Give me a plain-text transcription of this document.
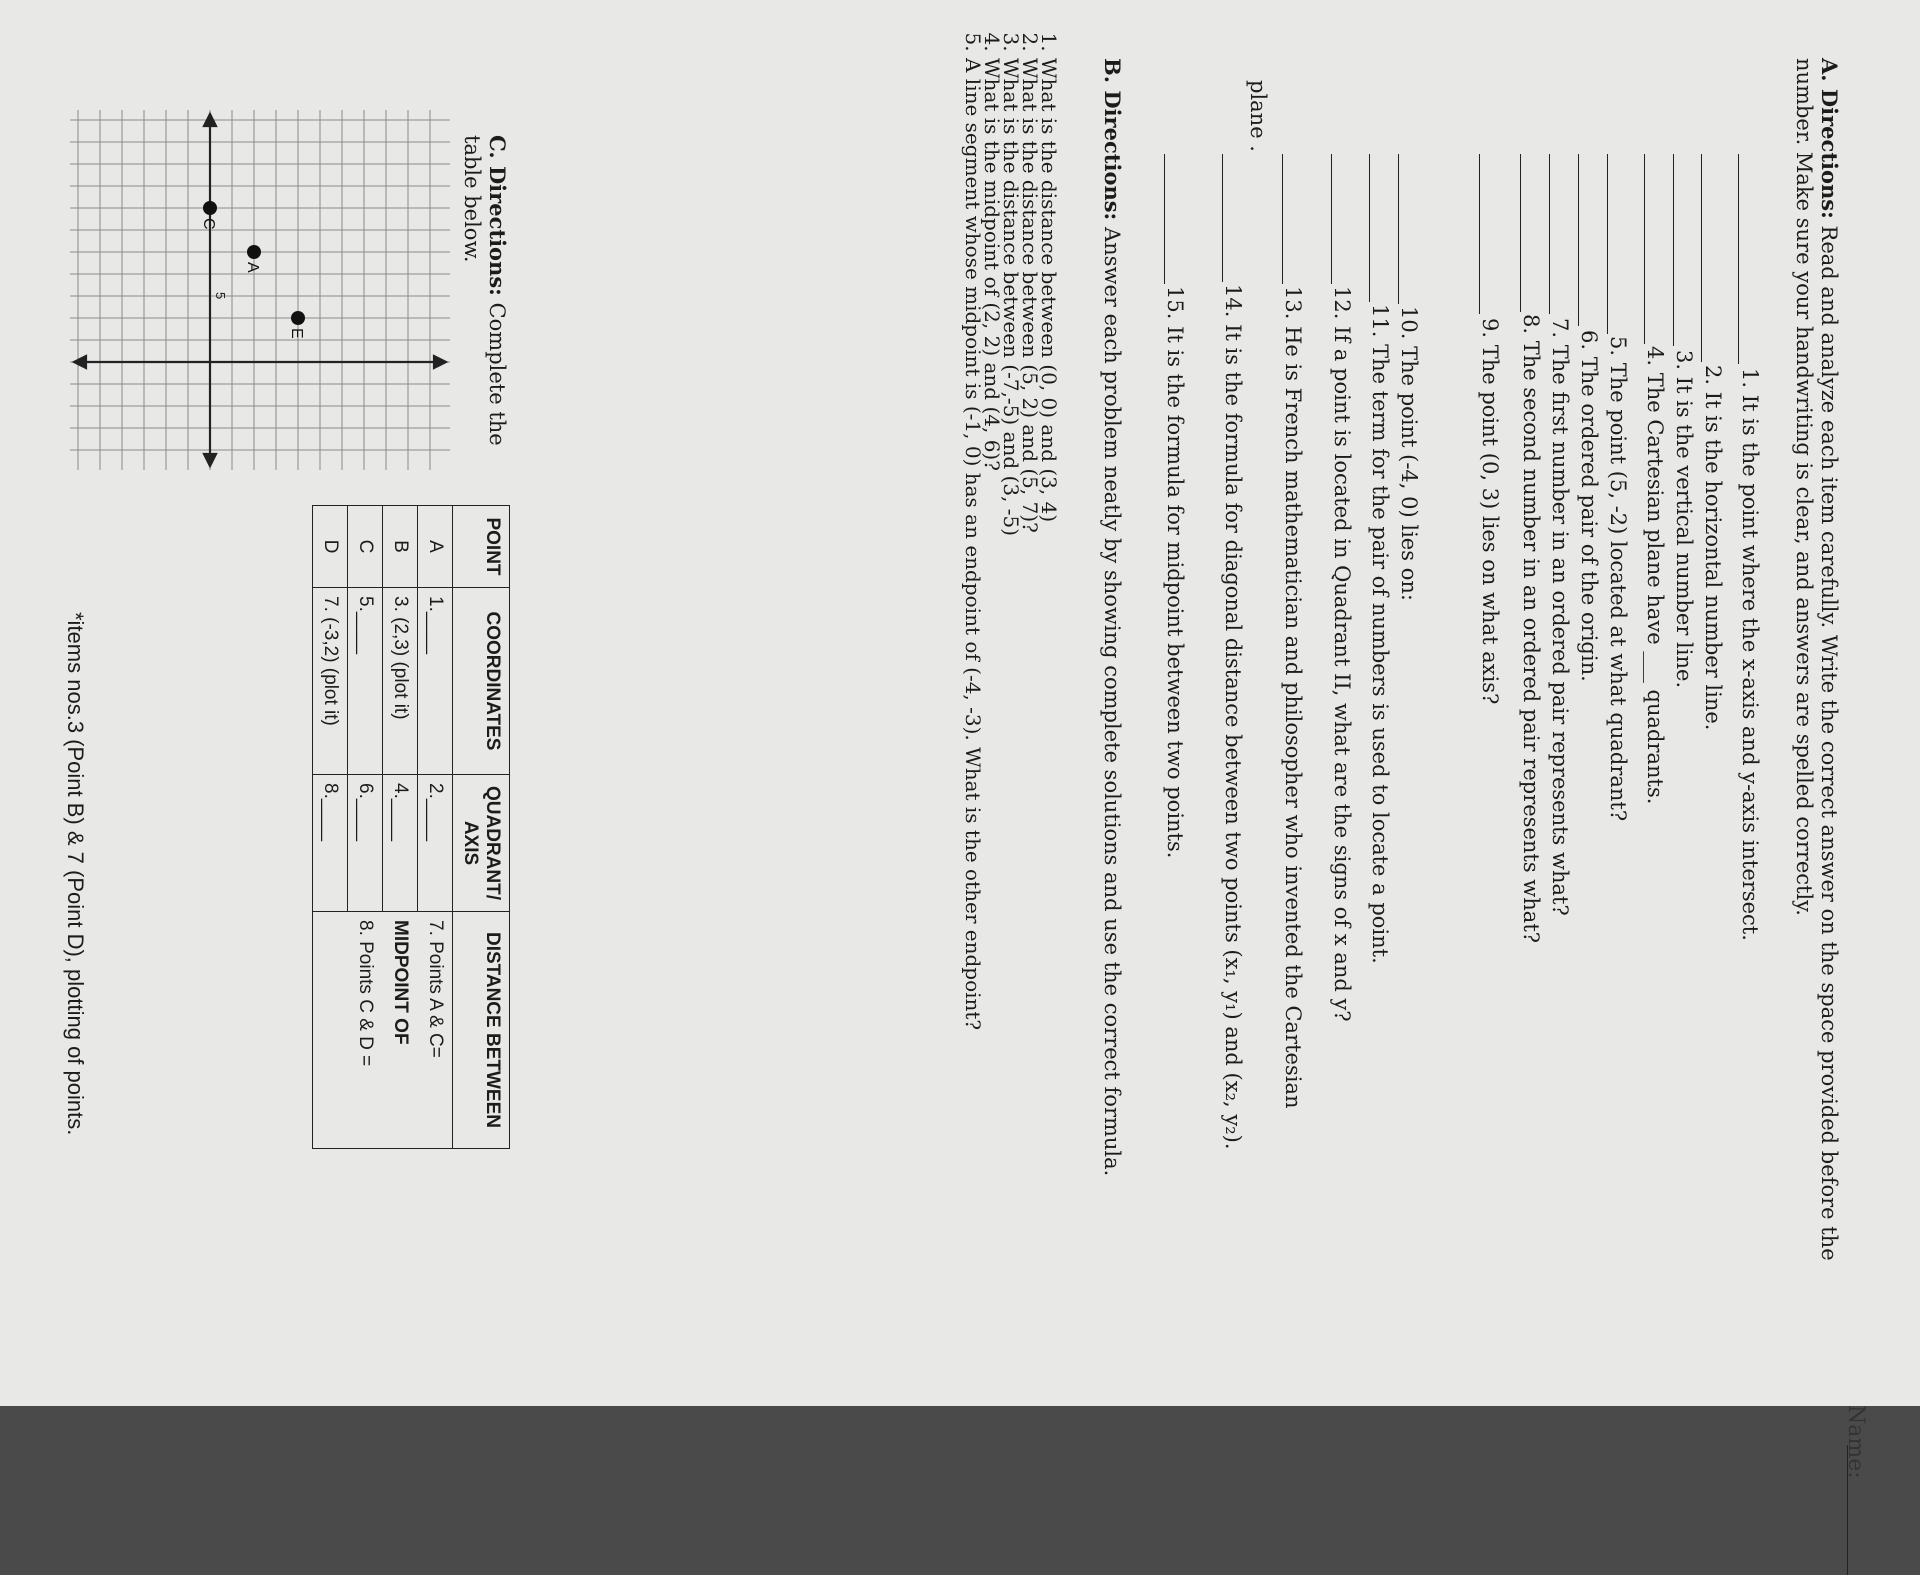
Name:
A. Directions: Read and analyze each item carefully. Write the correct answer on the space provided before the number. Make sure your handwriting is clear, and answers are spelled correctly.
1. It is the point where the x-axis and y-axis intersect.
2. It is the horizontal number line.
3. It is the vertical number line.
4. The Cartesian plane have ___ quadrants.
5. The point (5, -2) located at what quadrant?
6. The ordered pair of the origin.
7. The first number in an ordered pair represents what?
8. The second number in an ordered pair represents what?
9. The point (0, 3) lies on what axis?
10. The point (-4, 0) lies on:
11. The term for the pair of numbers is used to locate a point.
12. If a point is located in Quadrant II, what are the signs of x and y?
13. He is French mathematician and philosopher who invented the Cartesian
plane .
14. It is the formula for diagonal distance between two points (x₁, y₁) and (x₂, y₂).
15. It is the formula for midpoint between two points.
B. Directions: Answer each problem neatly by showing complete solutions and use the correct formula.
1. What is the distance between (0, 0) and (3, 4)
2. What is the distance between (5, 2) and (5, 7)?
3. What is the distance between (-7,-5) and (3, -5)
4. What is the midpoint of (2, 2) and (4, 6)?
5. A line segment whose midpoint is (-1, 0) has an endpoint of (-4, -3). What is the other endpoint?
C. Directions: Complete the table below.
A
C
E
5
POINT	COORDINATES	QUADRANT/ AXIS	DISTANCE BETWEEN
A	1.____	2.____	7. Points A & C=
B	3. (2,3) (plot it)	4.____	MIDPOINT OF
C	5.____	6.____	8. Points C & D =
D	7. (-3,2) (plot it)	8.____	
*items nos.3 (Point B) & 7 (Point D), plotting of points.
